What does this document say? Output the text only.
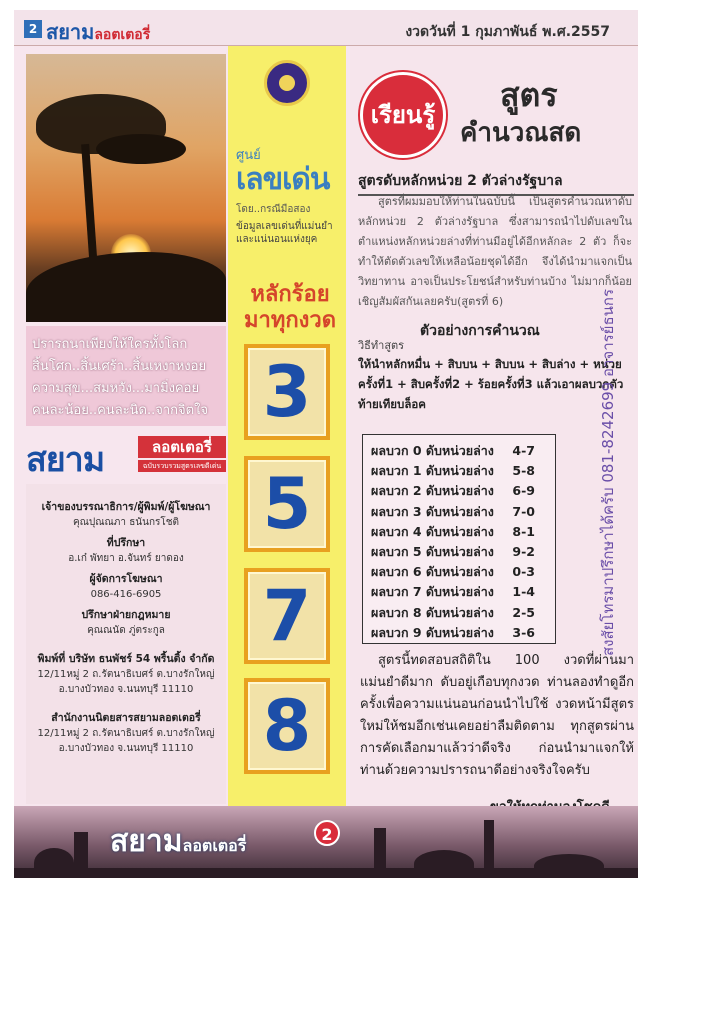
2 สยามลอตเตอรี่	งวดวันที่ 1 กุมภาพันธ์ พ.ศ.2557
ปรารถนาเพียงให้ใครทั้งโลก
สิ้นโศก..สิ้นเศร้า..สิ้นเหงาหงอย
ความสุข...สมหวัง...มามิ่งคอย
คนละน้อย..คนละนิด..จากจิตใจ
สยาม	ลอตเตอรี่
ฉบับรวบรวมสูตรเลขดีเด่น
เจ้าของบรรณาธิการ/ผู้พิมพ์/ผู้โฆษณา
คุณปุณณภา ธนันกรโชติ
ที่ปรึกษา
อ.เก๋ พัทยา อ.จันทร์ ยาดอง
ผู้จัดการโฆษณา
086-416-6905
ปรึกษาฝ่ายกฎหมาย
คุณณนัด ภู่ตระกูล
พิมพ์ที่ บริษัท ธนพัชร์ 54 พริ้นติ้ง จำกัด
12/11หมู่ 2 ถ.รัตนาธิเบศร์ ต.บางรักใหญ่
อ.บางบัวทอง จ.นนทบุรี 11110
สำนักงานนิตยสารสยามลอตเตอรี่
12/11หมู่ 2 ถ.รัตนาธิเบศร์ ต.บางรักใหญ่
อ.บางบัวทอง จ.นนทบุรี 11110
ศูนย์
เลขเด่น
โดย..กรณีมือสอง
ข้อมูลเลขเด่นที่แม่นยำ และแน่นอนแห่งยุค
หลักร้อย
มาทุกงวด
3
5
7
8
เรียนรู้
สูตร
คำนวณสด
สูตรดับหลักหน่วย 2 ตัวล่างรัฐบาล
สูตรที่ผมมอบให้ท่านในฉบับนี้ เป็นสูตรคำนวณหาดับหลักหน่วย 2 ตัวล่างรัฐบาล ซึ่งสามารถนำไปดับเลขในตำแหน่งหลักหน่วยล่างที่ท่านมีอยู่ได้อีกหลักละ 2 ตัว ก็จะทำให้ตัดตัวเลขให้เหลือน้อยชุดได้อีก จึงได้นำมาแจกเป็นวิทยาทาน อาจเป็นประโยชน์สำหรับท่านบ้าง ไม่มากก็น้อย เชิญสัมผัสกันเลยครับ(สูตรที่ 6)
ตัวอย่างการคำนวณ
วิธีทำสูตร
ให้นำหลักหมื่น + สิบบน + สิบบน + สิบล่าง + หน่วยครั้งที่1 + สิบครั้งที่2 + ร้อยครั้งที่3 แล้วเอาผลบวกตัวท้ายเทียบล็อค
ผลบวก 0 ดับหน่วยล่าง 4-7
ผลบวก 1 ดับหน่วยล่าง 5-8
ผลบวก 2 ดับหน่วยล่าง 6-9
ผลบวก 3 ดับหน่วยล่าง 7-0
ผลบวก 4 ดับหน่วยล่าง 8-1
ผลบวก 5 ดับหน่วยล่าง 9-2
ผลบวก 6 ดับหน่วยล่าง 0-3
ผลบวก 7 ดับหน่วยล่าง 1-4
ผลบวก 8 ดับหน่วยล่าง 2-5
ผลบวก 9 ดับหน่วยล่าง 3-6	สงสัยโทรมาปรึกษาได้ครับ 081-8242699 อาจารย์ธนกร
สูตรนี้ทดสอบสถิติใน 100 งวดที่ผ่านมา แม่นยำดีมาก ดับอยู่เกือบทุกงวด ท่านลองทำดูอีกครั้งเพื่อความแน่นอนก่อนนำไปใช้ งวดหน้ามีสูตรใหม่ให้ชมอีกเช่นเคยอย่าลืมติดตาม ทุกสูตรผ่านการคัดเลือกมาแล้วว่าดีจริง ก่อนนำมาแจกให้ท่านด้วยความปรารถนาดีอย่างจริงใจครับ
สยามลอตเตอรี่
2
